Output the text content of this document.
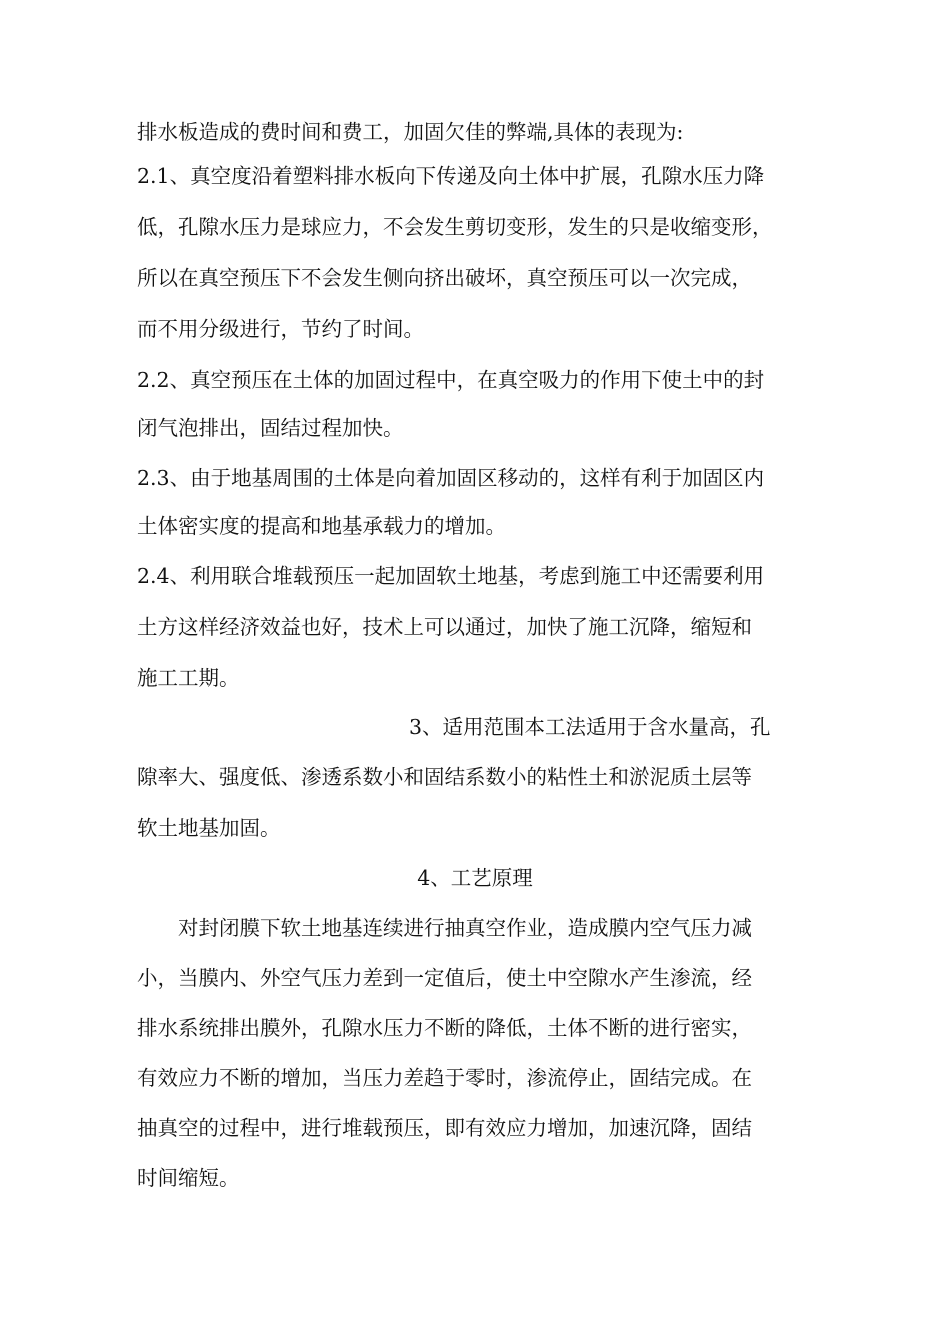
排水板造成的费时间和费工，加固欠佳的弊端,具体的表现为:
2.1、真空度沿着塑料排水板向下传递及向土体中扩展，孔隙水压力降
低，孔隙水压力是球应力，不会发生剪切变形，发生的只是收缩变形，
所以在真空预压下不会发生侧向挤出破坏，真空预压可以一次完成，
而不用分级进行，节约了时间。
2.2、真空预压在土体的加固过程中，在真空吸力的作用下使土中的封
闭气泡排出，固结过程加快。
2.3、由于地基周围的土体是向着加固区移动的，这样有利于加固区内
土体密实度的提高和地基承载力的增加。
2.4、利用联合堆载预压一起加固软土地基，考虑到施工中还需要利用
土方这样经济效益也好，技术上可以通过，加快了施工沉降，缩短和
施工工期。
3、适用范围本工法适用于含水量高，孔
隙率大、强度低、渗透系数小和固结系数小的粘性土和淤泥质土层等
软土地基加固。
4、工艺原理
对封闭膜下软土地基连续进行抽真空作业，造成膜内空气压力减
小，当膜内、外空气压力差到一定值后，使土中空隙水产生渗流，经
排水系统排出膜外，孔隙水压力不断的降低，土体不断的进行密实，
有效应力不断的增加，当压力差趋于零时，渗流停止，固结完成。在
抽真空的过程中，进行堆载预压，即有效应力增加，加速沉降，固结
时间缩短。
